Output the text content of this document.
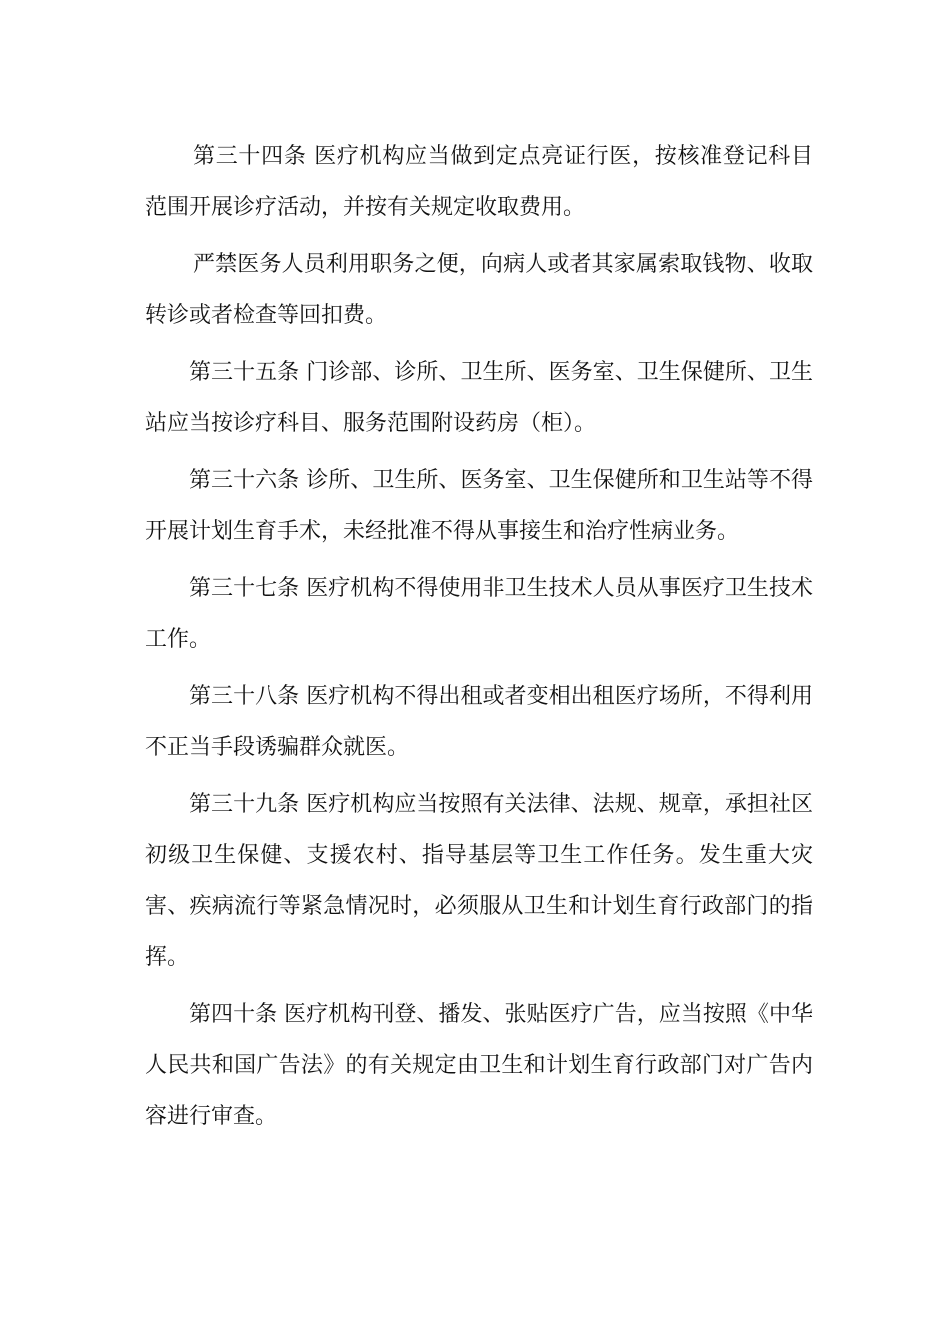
第三十四条 医疗机构应当做到定点亮证行医，按核准登记科目范围开展诊疗活动，并按有关规定收取费用。

严禁医务人员利用职务之便，向病人或者其家属索取钱物、收取转诊或者检查等回扣费。

第三十五条 门诊部、诊所、卫生所、医务室、卫生保健所、卫生站应当按诊疗科目、服务范围附设药房（柜）。

第三十六条 诊所、卫生所、医务室、卫生保健所和卫生站等不得开展计划生育手术，未经批准不得从事接生和治疗性病业务。

第三十七条 医疗机构不得使用非卫生技术人员从事医疗卫生技术工作。

第三十八条 医疗机构不得出租或者变相出租医疗场所，不得利用不正当手段诱骗群众就医。

第三十九条 医疗机构应当按照有关法律、法规、规章，承担社区初级卫生保健、支援农村、指导基层等卫生工作任务。发生重大灾害、疾病流行等紧急情况时，必须服从卫生和计划生育行政部门的指挥。

第四十条 医疗机构刊登、播发、张贴医疗广告，应当按照《中华人民共和国广告法》的有关规定由卫生和计划生育行政部门对广告内容进行审查。
